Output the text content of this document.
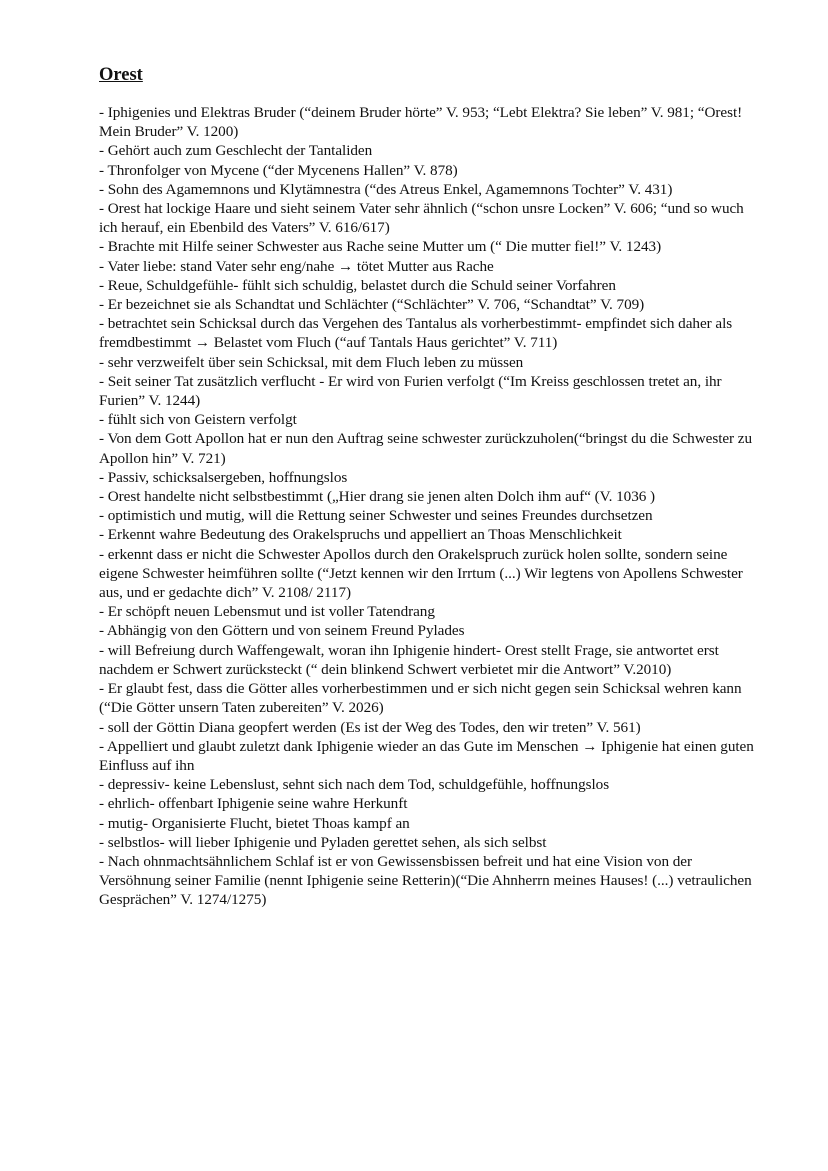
Orest

- Iphigenies und Elektras Bruder (“deinem Bruder hörte” V. 953; “Lebt Elektra? Sie leben” V. 981; “Orest! Mein Bruder” V. 1200)

- Gehört auch zum Geschlecht der Tantaliden

- Thronfolger von Mycene (“der Mycenens Hallen” V. 878)

- Sohn des Agamemnons und Klytämnestra (“des Atreus Enkel, Agamemnons Tochter” V. 431)

- Orest hat lockige Haare und sieht seinem Vater sehr ähnlich (“schon unsre Locken” V. 606; “und so wuch ich herauf, ein Ebenbild des Vaters” V. 616/617)

- Brachte mit Hilfe seiner Schwester aus Rache seine Mutter um (“ Die mutter fiel!” V. 1243)

- Vater liebe: stand Vater sehr eng/nahe → tötet Mutter aus Rache

- Reue, Schuldgefühle- fühlt sich schuldig, belastet durch die Schuld seiner Vorfahren

- Er bezeichnet sie als Schandtat und Schlächter (“Schlächter” V. 706, “Schandtat” V. 709)

- betrachtet sein Schicksal durch das Vergehen des Tantalus als vorherbestimmt- empfindet sich daher als fremdbestimmt → Belastet vom Fluch (“auf Tantals Haus gerichtet” V. 711)

- sehr verzweifelt über sein Schicksal, mit dem Fluch leben zu müssen

- Seit seiner Tat zusätzlich verflucht - Er wird von Furien verfolgt (“Im Kreiss geschlossen tretet an, ihr Furien” V. 1244)

- fühlt sich von Geistern verfolgt

- Von dem Gott Apollon hat er nun den Auftrag seine schwester zurückzuholen(“bringst du die Schwester zu Apollon hin” V. 721)

- Passiv, schicksalsergeben, hoffnungslos

- Orest handelte nicht selbstbestimmt („Hier drang sie jenen alten Dolch ihm auf“ (V. 1036 )

- optimistich und mutig, will die Rettung seiner Schwester und seines Freundes durchsetzen

- Erkennt wahre Bedeutung des Orakelspruchs und appelliert an Thoas Menschlichkeit

- erkennt dass er nicht die Schwester Apollos durch den Orakelspruch zurück holen sollte, sondern seine eigene Schwester heimführen sollte (“Jetzt kennen wir den Irrtum (...) Wir legtens von Apollens Schwester aus, und er gedachte dich” V. 2108/ 2117)

- Er schöpft neuen Lebensmut und ist voller Tatendrang

- Abhängig von den Göttern und von seinem Freund Pylades

- will Befreiung durch Waffengewalt, woran ihn Iphigenie hindert- Orest stellt Frage, sie antwortet erst nachdem er Schwert zurücksteckt (“ dein blinkend Schwert verbietet mir die Antwort” V.2010)

- Er glaubt fest, dass die Götter alles vorherbestimmen und er sich nicht gegen sein Schicksal wehren kann (“Die Götter unsern Taten zubereiten” V. 2026)

- soll der Göttin Diana geopfert werden (Es ist der Weg des Todes, den wir treten” V. 561)

- Appelliert und glaubt zuletzt dank Iphigenie wieder an das Gute im Menschen → Iphigenie hat einen guten Einfluss auf ihn

- depressiv- keine Lebenslust, sehnt sich nach dem Tod, schuldgefühle, hoffnungslos

- ehrlich- offenbart Iphigenie seine wahre Herkunft

- mutig- Organisierte Flucht, bietet Thoas kampf an

- selbstlos- will lieber Iphigenie und Pyladen gerettet sehen, als sich selbst

- Nach ohnmachtsähnlichem Schlaf ist er von Gewissensbissen befreit und hat eine Vision von der Versöhnung seiner Familie (nennt Iphigenie seine Retterin)(“Die Ahnherrn meines Hauses! (...) vetraulichen Gesprächen” V. 1274/1275)
